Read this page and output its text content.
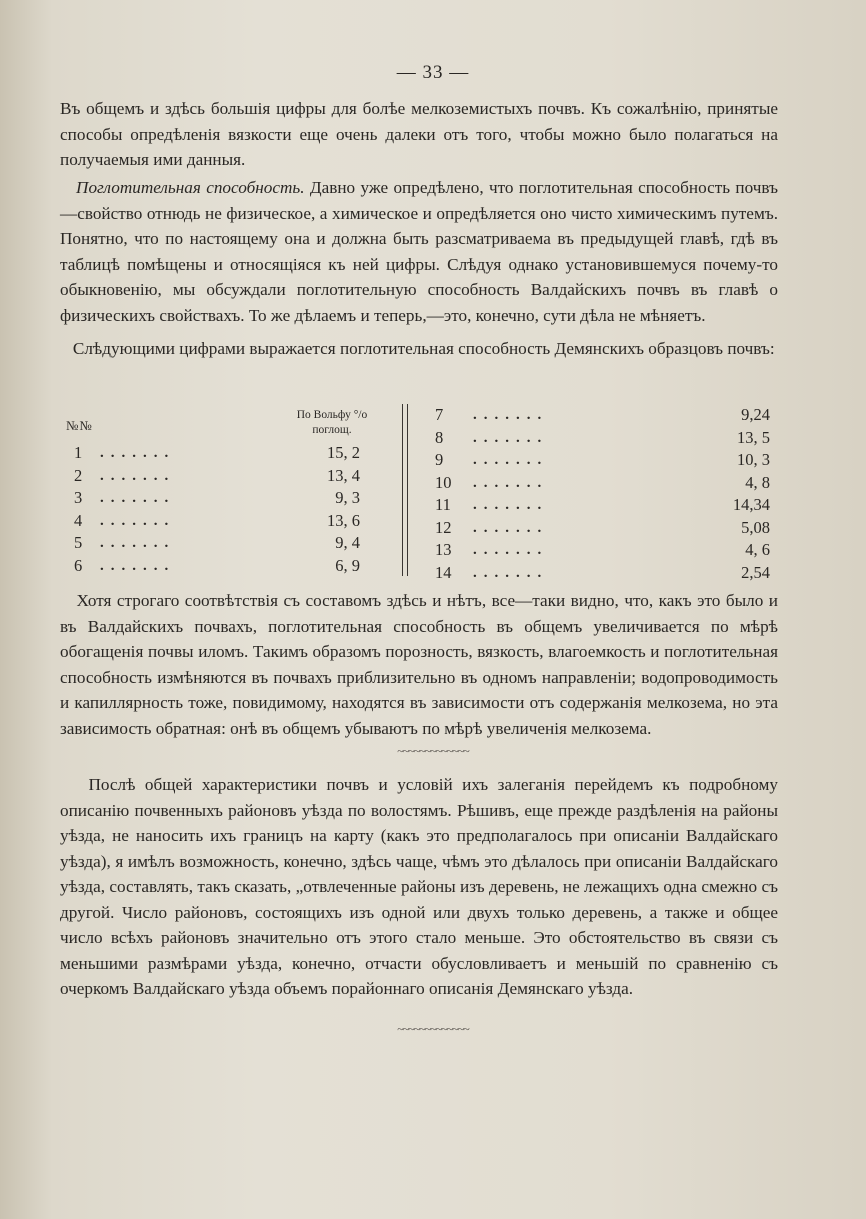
— 33 —

Въ общемъ и здѣсь большія цифры для болѣе мелкоземистыхъ почвъ. Къ сожалѣнію, принятые способы опредѣленія вязкости еще очень далеки отъ того, чтобы можно было полагаться на получаемыя ими данныя.

Поглотительная способность. Давно уже опредѣлено, что поглотительная способность почвъ—свойство отнюдь не физическое, а химическое и опредѣляется оно чисто химическимъ путемъ. Понятно, что по настоящему она и должна быть разсматриваема въ предыдущей главѣ, гдѣ въ таблицѣ помѣщены и относящіяся къ ней цифры. Слѣдуя однако установившемуся почему-то обыкновенію, мы обсуждали поглотительную способность Валдайскихъ почвъ въ главѣ о физическихъ свойствахъ. То же дѣлаемъ и теперь,—это, конечно, сути дѣла не мѣняетъ.

Слѣдующими цифрами выражается поглотительная способность Демянскихъ образцовъ почвъ:

№№
По Вольфу °/o поглощ.
1 .......	15, 2
2 .......	13, 4
3 .......	9, 3
4 .......	13, 6
5 .......	9, 4
6 .......	6, 9
7 .......	9,24
8 .......	13, 5
9 .......	10, 3
10 .......	4, 8
11 .......	14,34
12 .......	5,08
13 .......	4, 6
14 .......	2,54

Хотя строгаго соотвѣтствія съ составомъ здѣсь и нѣтъ, все—таки видно, что, какъ это было и въ Валдайскихъ почвахъ, поглотительная способность въ общемъ увеличивается по мѣрѣ обогащенія почвы иломъ. Такимъ образомъ порозность, вязкость, влагоемкость и поглотительная способность измѣняются въ почвахъ приблизительно въ одномъ направленіи; водопроводимость и капиллярность тоже, повидимому, находятся въ зависимости отъ содержанія мелкозема, но эта зависимость обратная: онѣ въ общемъ убываютъ по мѣрѣ увеличенія мелкозема.

~~~~~~~~~~~~~

Послѣ общей характеристики почвъ и условій ихъ залеганія перейдемъ къ подробному описанію почвенныхъ районовъ уѣзда по волостямъ. Рѣшивъ, еще прежде раздѣленія на районы уѣзда, не наносить ихъ границъ на карту (какъ это предполагалось при описаніи Валдайскаго уѣзда), я имѣлъ возможность, конечно, здѣсь чаще, чѣмъ это дѣлалось при описаніи Валдайскаго уѣзда, составлять, такъ сказать, „отвлеченные районы изъ деревень, не лежащихъ одна смежно съ другой. Число районовъ, состоящихъ изъ одной или двухъ только деревень, а также и общее число всѣхъ районовъ значительно отъ этого стало меньше. Это обстоятельство въ связи съ меньшими размѣрами уѣзда, конечно, отчасти обусловливаетъ и меньшій по сравненію съ очеркомъ Валдайскаго уѣзда объемъ порайоннаго описанія Демянскаго уѣзда.

~~~~~~~~~~~~~
